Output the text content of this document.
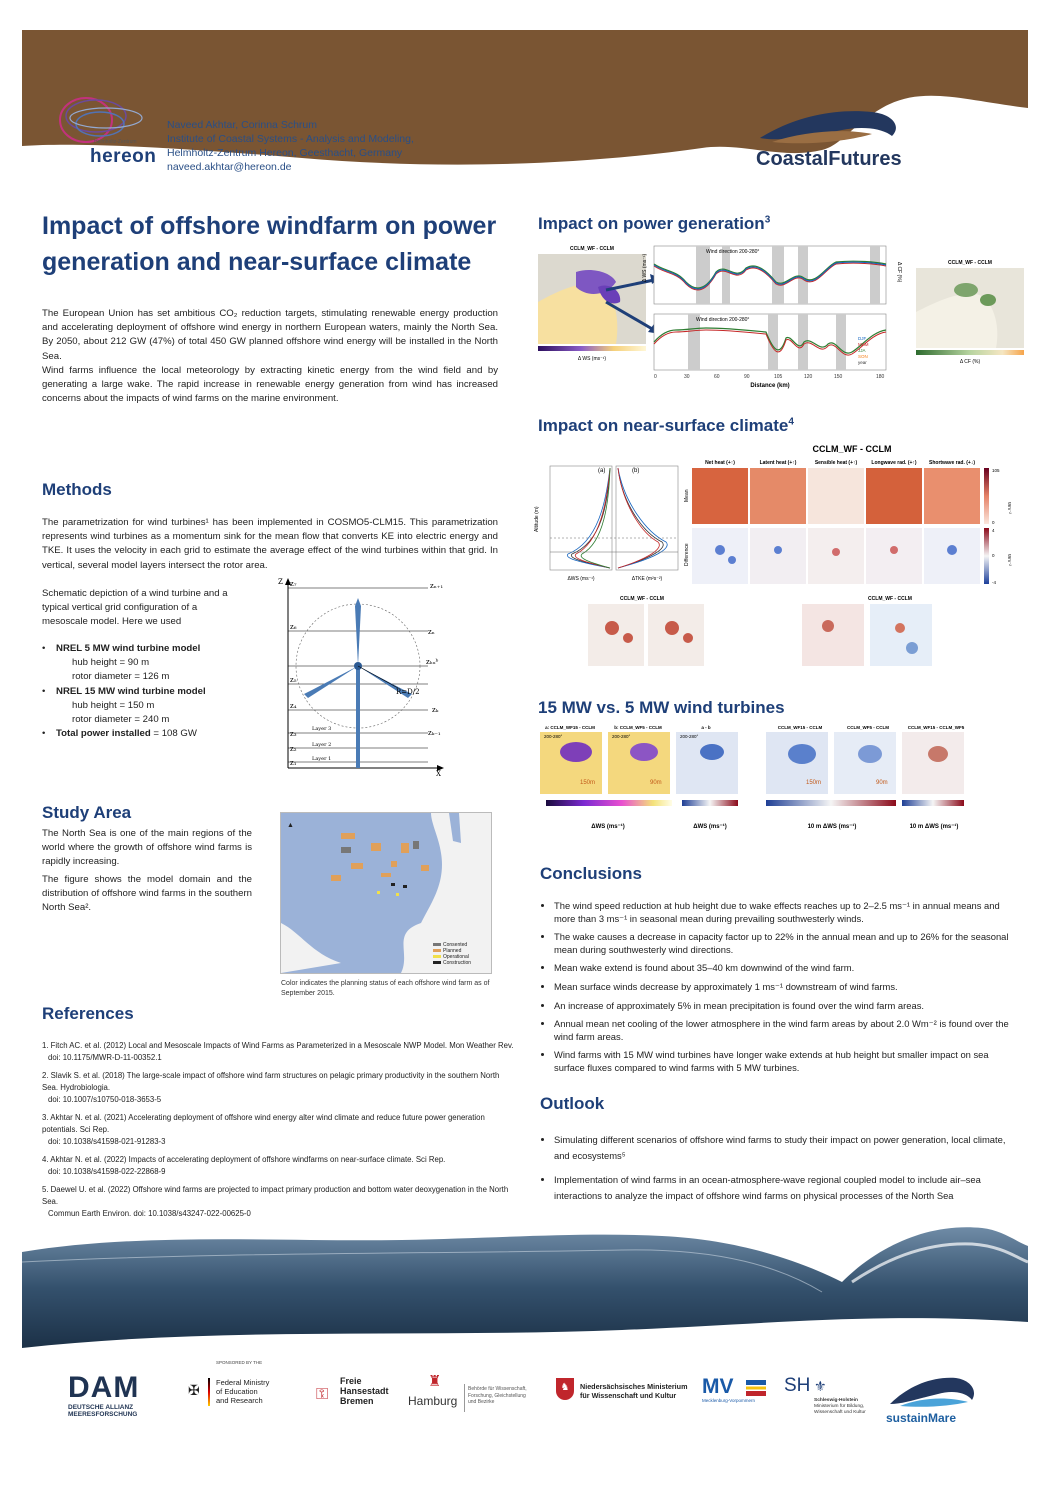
Helmholtz-Zentrum
hereon
Naveed Akhtar, Corinna Schrum
Institute of Coastal Systems - Analysis and Modeling,
Helmholtz-Zentrum Hereon, Geesthacht, Germany
naveed.akhtar@hereon.de	CoastalFutures
Impact of offshore windfarm on power generation and near-surface climate
The European Union has set ambitious CO₂ reduction targets, stimulating renewable energy production and accelerating deployment of offshore wind energy in northern European waters, mainly the North Sea. By 2050, about 212 GW (47%) of total 450 GW planned offshore wind energy will be installed in the North Sea.
Wind farms influence the local meteorology by extracting kinetic energy from the wind field and by generating a large wake. The rapid increase in renewable energy generation from wind has increased concerns about the impacts of wind farms on the marine environment.
Methods
The parametrization for wind turbines¹ has been implemented in COSMO5-CLM15. This parametrization represents wind turbines as a momentum sink for the mean flow that converts KE into electric energy and TKE. It uses the velocity in each grid to estimate the average effect of the wind turbines within that grid. In vertical, several model layers intersect the rotor area.
Schematic depiction of a wind turbine and a typical vertical grid configuration of a mesoscale model. Here we used
•    NREL 5 MW wind turbine model
hub height = 90 m
rotor diameter = 126 m
•    NREL 15 MW wind turbine model
hub height = 150 m
rotor diameter = 240 m
•    Total power installed = 108 GW
z₇
z₆
z₅
z₄
z₃
z₂
z₁
zₙ₊₁
zₙ
zₕᵤᵇ
zₖ
zₖ₋₁
R=D/2
Layer 3
Layer 2
Layer 1
X
Z
Study Area
The North Sea is one of the main regions of the world where the growth of offshore wind farms is rapidly increasing.
The figure shows the model domain and the distribution of offshore wind farms in the southern North Sea².
Consented
Planned
Operational
Construction
▲
Color indicates the planning status of each offshore wind farm as of September 2015.
References
1. Fitch AC. et al. (2012) Local and Mesoscale Impacts of Wind Farms as Parameterized in a Mesoscale NWP Model. Mon Weather Rev.
doi: 10.1175/MWR-D-11-00352.1
2. Slavik S. et al. (2018) The large-scale impact of offshore wind farm structures on pelagic primary productivity in the southern North Sea. Hydrobiologia.
doi: 10.1007/s10750-018-3653-5
3. Akhtar N. et al. (2021) Accelerating deployment of offshore wind energy alter wind climate and reduce future power generation potentials. Sci Rep.
doi: 10.1038/s41598-021-91283-3
4. Akhtar N. et al. (2022) Impacts of accelerating deployment of offshore windfarms on near-surface climate. Sci Rep.
doi: 10.1038/s41598-022-22868-9
5. Daewel U. et al. (2022) Offshore wind farms are projected to impact primary production and bottom water deoxygenation in the North Sea.
Commun Earth Environ. doi: 10.1038/s43247-022-00625-0
Impact on power generation$^3$
CCLM_WF - CCLM
Δ WS (ms⁻¹)
Wind direction 200-280°
Wind direction 200-280°
0	30	60	90	105	120	150	180
Distance (km)
Δ WS (ms⁻¹)	Δ CF (%)
DJF
MAM
JJA
SON
year
CCLM_WF - CCLM
Δ CF (%)
Impact on near-surface climate$^4$
(a)	(b)
ΔWS (ms⁻¹)	ΔTKE (m²s⁻²)
Altitude (m)
CCLM_WF - CCLM
Net heat (+↑)	Latent heat (+↑)	Sensible heat (+↑)	Longwave rad. (+↑) Shortwave rad. (+↓)
Mean
Difference
105
0
4
0
-4
Wm⁻²
Wm⁻²
CCLM_WF - CCLM	CCLM_WF - CCLM
15 MW vs. 5 MW wind turbines
a: CCLM_WF15 - CCLM	b: CCLM_WF5 - CCLM	a - b	CCLM_WF15 - CCLM	CCLM_WF5 - CCLM	CCLM_WF15 - CCLM_WF5
200-280°	200-280°	200-280°
150m	90m	150m	90m
ΔWS (ms⁻¹)	ΔWS (ms⁻¹)	10 m ΔWS (ms⁻¹)	10 m ΔWS (ms⁻¹)
Conclusions
• The wind speed reduction at hub height due to wake effects reaches up to 2–2.5 ms⁻¹ in annual means and more than 3 ms⁻¹ in seasonal mean during prevailing southwesterly winds.
• The wake causes a decrease in capacity factor up to 22% in the annual mean and up to 26% for the seasonal mean during southwesterly wind directions.
• Mean wake extend is found about 35–40 km downwind of the wind farm.
• Mean surface winds decrease by approximately 1 ms⁻¹ downstream of wind farms.
• An increase of approximately 5% in mean precipitation is found over the wind farm areas.
• Annual mean net cooling of the lower atmosphere in the wind farm areas by about 2.0 Wm⁻² is found over the wind farm areas.
• Wind farms with 15 MW wind turbines have longer wake extends at hub height but smaller impact on sea surface fluxes compared to wind farms with 5 MW turbines.
Outlook
• Simulating different scenarios of offshore wind farms to study their impact on power generation, local climate, and ecosystems⁵
• Implementation of wind farms in an ocean-atmosphere-wave regional coupled model to include air–sea interactions to analyze the impact of offshore wind farms on physical processes of the North Sea
DAM
DEUTSCHE ALLIANZ
MEERESFORSCHUNG
SPONSORED BY THE
✠ Federal Ministry
of Education
and Research	⚿
Freie
Hansestadt
Bremen
♜
Hamburg
Behörde für Wissenschaft,
Forschung, Gleichstellung
und Bezirke
♞	Niedersächsisches Ministerium
für Wissenschaft und Kultur	MV
Mecklenburg-Vorpommern
SH ⚜
Schleswig-Holstein
Ministerium für Bildung,
Wissenschaft und Kultur sustainMare
